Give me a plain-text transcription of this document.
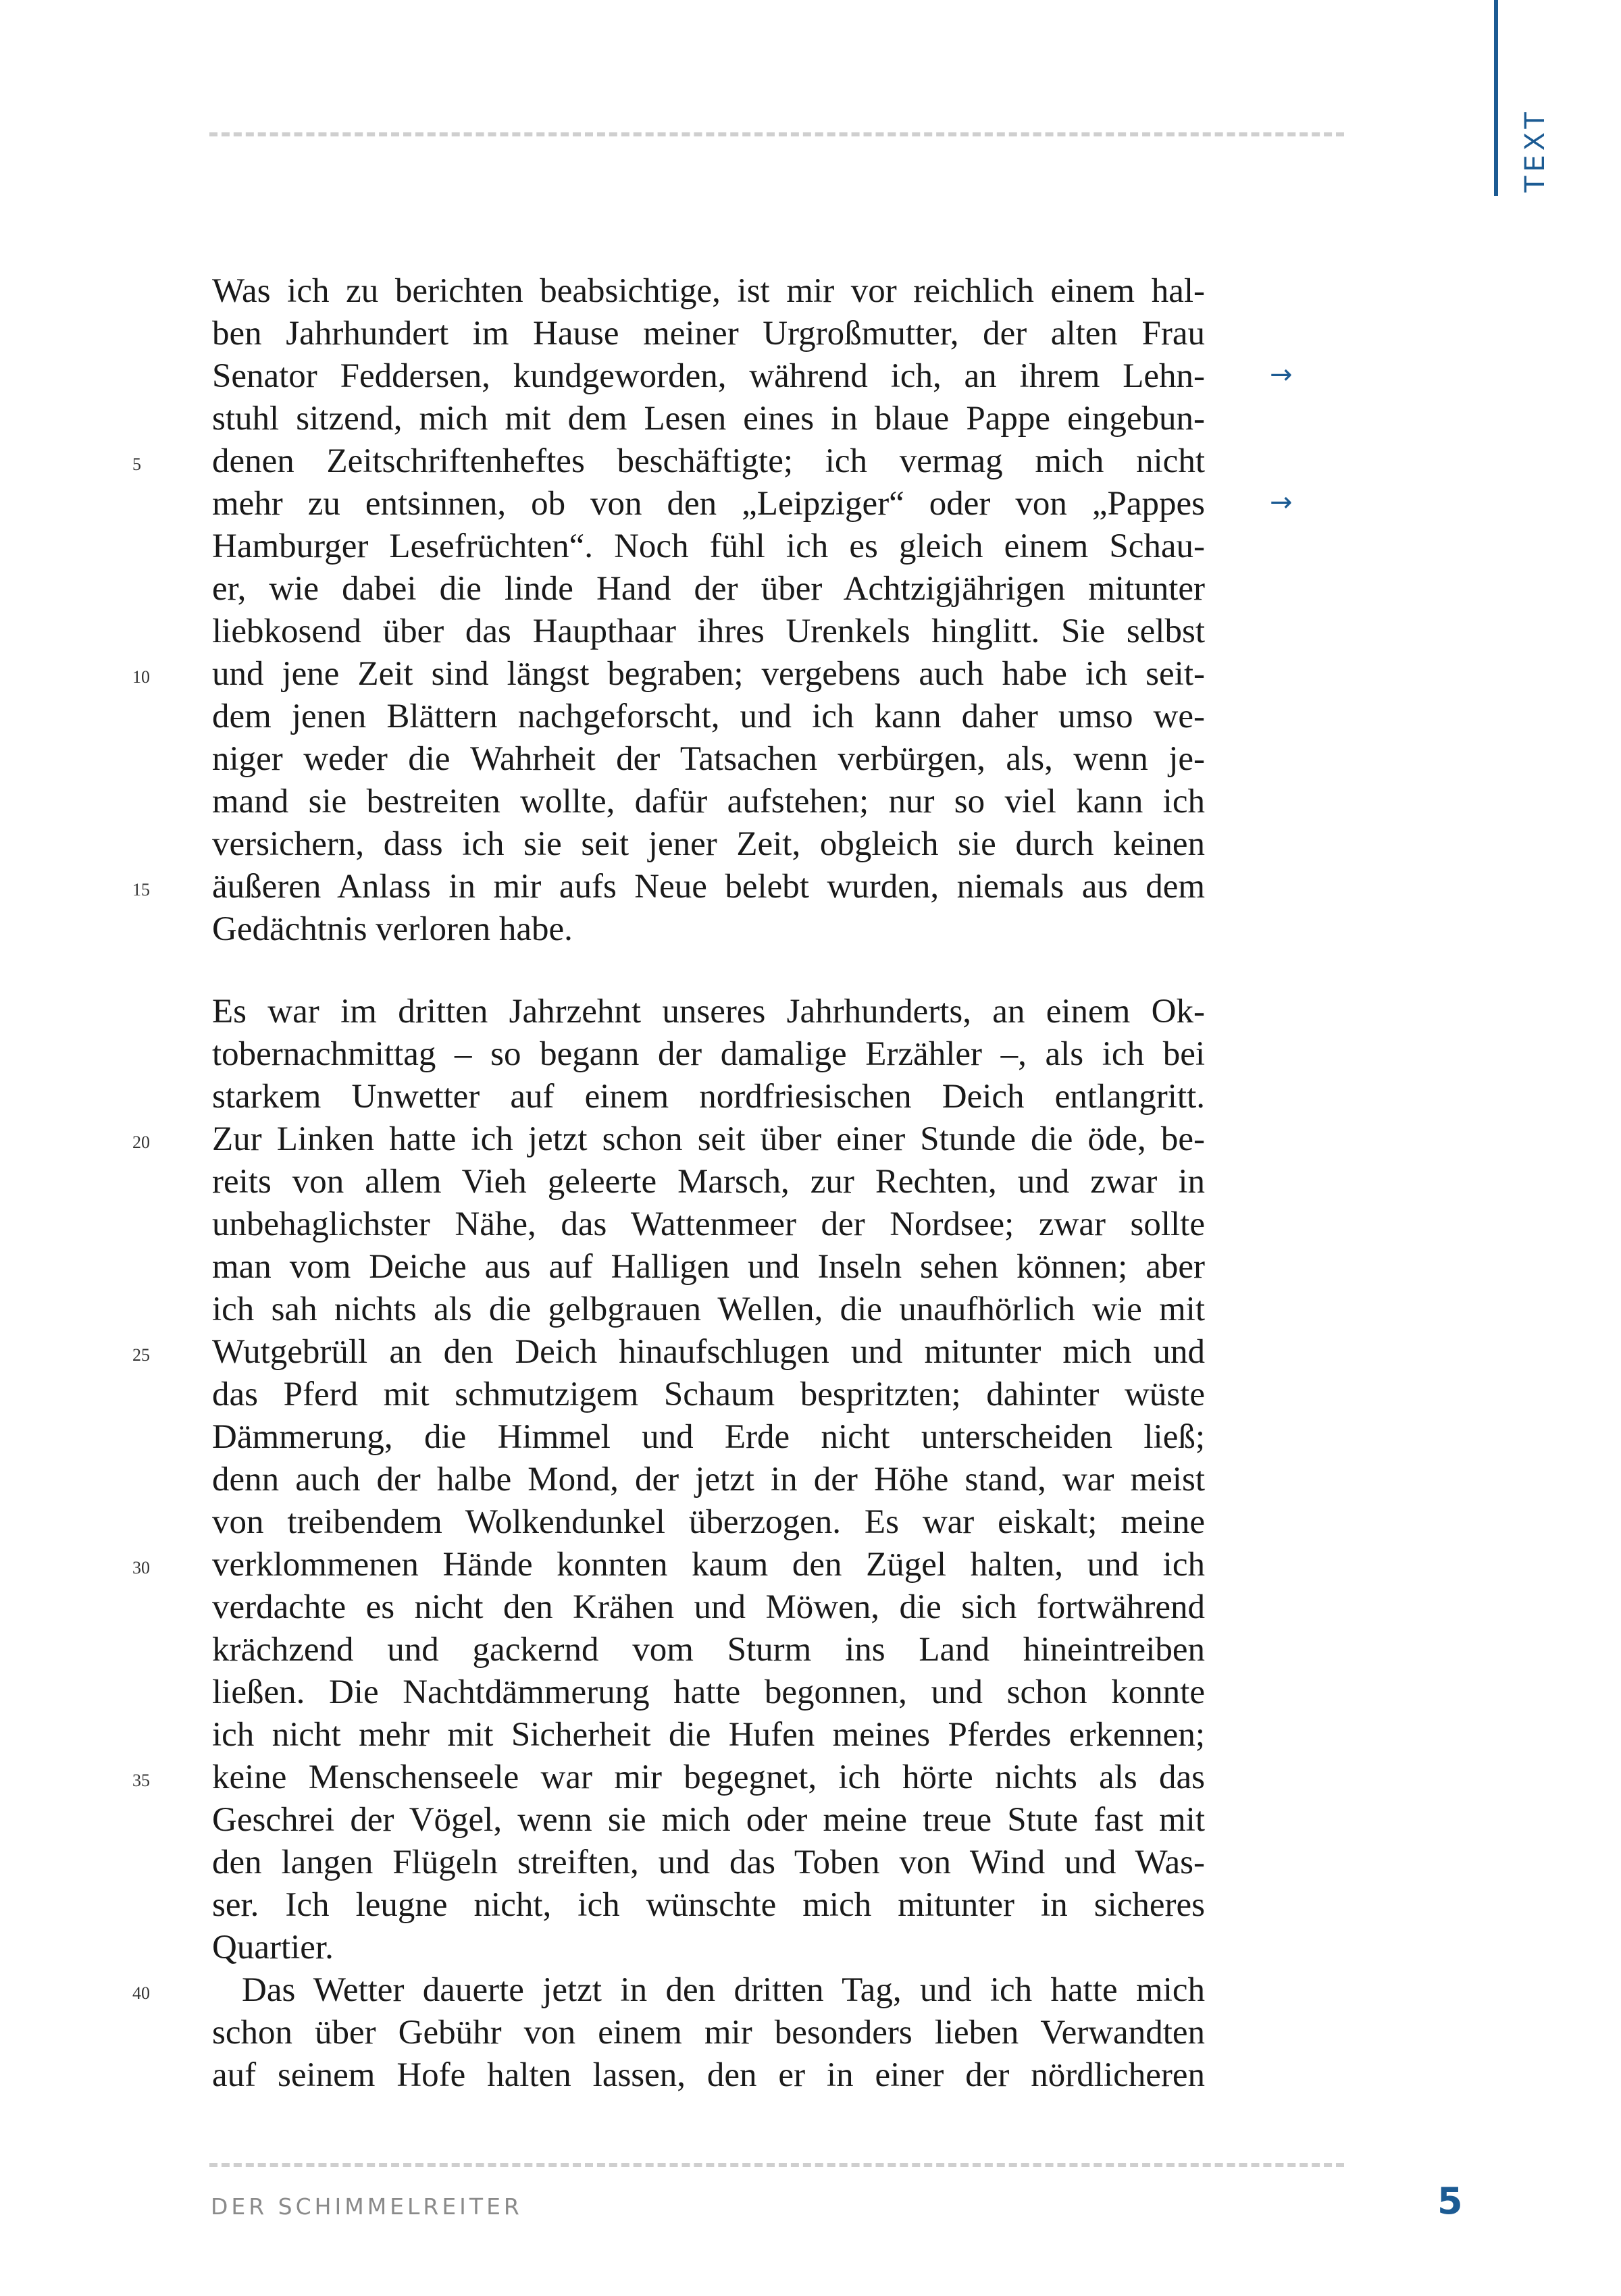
TEXT
Was ich zu berichten beabsichtige, ist mir vor reichlich einem hal-
ben Jahrhundert im Hause meiner Urgroßmutter, der alten Frau
Senator Feddersen, kundgeworden, während ich, an ihrem Lehn-
stuhl sitzend, mich mit dem Lesen eines in blaue Pappe eingebun-
denen Zeitschriftenheftes beschäftigte; ich vermag mich nicht
5
mehr zu entsinnen, ob von den „Leipziger“ oder von „Pappes
Hamburger Lesefrüchten“. Noch fühl ich es gleich einem Schau-
er, wie dabei die linde Hand der über Achtzigjährigen mitunter
liebkosend über das Haupthaar ihres Urenkels hinglitt. Sie selbst
und jene Zeit sind längst begraben; vergebens auch habe ich seit-
10
dem jenen Blättern nachgeforscht, und ich kann daher umso we-
niger weder die Wahrheit der Tatsachen verbürgen, als, wenn je-
mand sie bestreiten wollte, dafür aufstehen; nur so viel kann ich
versichern, dass ich sie seit jener Zeit, obgleich sie durch keinen
äußeren Anlass in mir aufs Neue belebt wurden, niemals aus dem
15
Gedächtnis verloren habe.
Es war im dritten Jahrzehnt unseres Jahrhunderts, an einem Ok-
tobernachmittag – so begann der damalige Erzähler –, als ich bei
starkem Unwetter auf einem nordfriesischen Deich entlangritt.
Zur Linken hatte ich jetzt schon seit über einer Stunde die öde, be-
20
reits von allem Vieh geleerte Marsch, zur Rechten, und zwar in
unbehaglichster Nähe, das Wattenmeer der Nordsee; zwar sollte
man vom Deiche aus auf Halligen und Inseln sehen können; aber
ich sah nichts als die gelbgrauen Wellen, die unaufhörlich wie mit
Wutgebrüll an den Deich hinaufschlugen und mitunter mich und
25
das Pferd mit schmutzigem Schaum bespritzten; dahinter wüste
Dämmerung, die Himmel und Erde nicht unterscheiden ließ;
denn auch der halbe Mond, der jetzt in der Höhe stand, war meist
von treibendem Wolkendunkel überzogen. Es war eiskalt; meine
verklommenen Hände konnten kaum den Zügel halten, und ich
30
verdachte es nicht den Krähen und Möwen, die sich fortwährend
krächzend und gackernd vom Sturm ins Land hineintreiben
ließen. Die Nachtdämmerung hatte begonnen, und schon konnte
ich nicht mehr mit Sicherheit die Hufen meines Pferdes erkennen;
keine Menschenseele war mir begegnet, ich hörte nichts als das
35
Geschrei der Vögel, wenn sie mich oder meine treue Stute fast mit
den langen Flügeln streiften, und das Toben von Wind und Was-
ser. Ich leugne nicht, ich wünschte mich mitunter in sicheres
Quartier.
Das Wetter dauerte jetzt in den dritten Tag, und ich hatte mich
40
schon über Gebühr von einem mir besonders lieben Verwandten
auf seinem Hofe halten lassen, den er in einer der nördlicheren
→
→
DER SCHIMMELREITER	5
